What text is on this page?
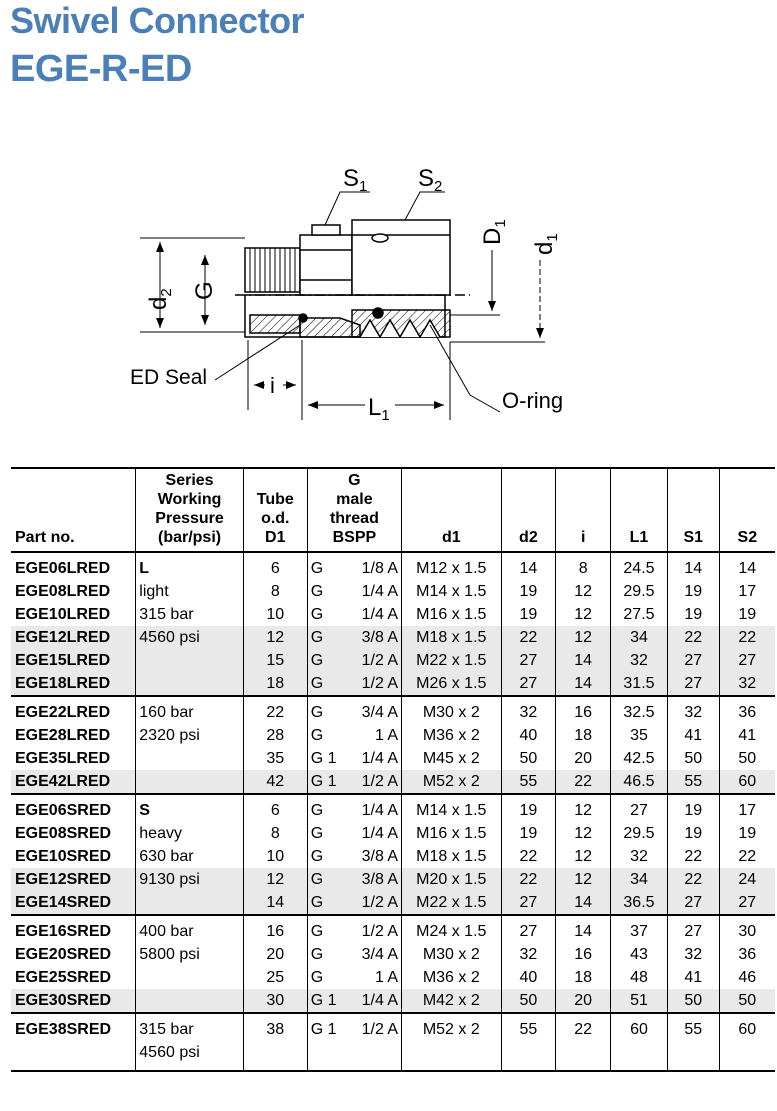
Swivel Connector
EGE-R-ED
$S_1$ $S_2$
$D_1$
$d_1$
$d_2$ G
ED Seal	i
$L_1$
O-ring
Part no.	Series
Working
Pressure
(bar/psi)	Tube
o.d.
D1	G
male
thread
BSPP	d1	d2	i	L1	S1	S2
EGE06LRED	L	6	G 1/8 A	M12 x 1.5	14	8	24.5	14	14
EGE08LRED	light	8	G 1/4 A	M14 x 1.5	19	12	29.5	19	17
EGE10LRED	315 bar	10	G 1/4 A	M16 x 1.5	19	12	27.5	19	19
EGE12LRED	4560 psi	12	G 3/8 A	M18 x 1.5	22	12	34	22	22
EGE15LRED		15	G 1/2 A	M22 x 1.5	27	14	32	27	27
EGE18LRED		18	G 1/2 A	M26 x 1.5	27	14	31.5	27	32
EGE22LRED	160 bar	22	G 3/4 A	M30 x 2	32	16	32.5	32	36
EGE28LRED	2320 psi	28	G 1 A	M36 x 2	40	18	35	41	41
EGE35LRED		35	G 1 1/4 A	M45 x 2	50	20	42.5	50	50
EGE42LRED		42	G 1 1/2 A	M52 x 2	55	22	46.5	55	60
EGE06SRED	S	6	G 1/4 A	M14 x 1.5	19	12	27	19	17
EGE08SRED	heavy	8	G 1/4 A	M16 x 1.5	19	12	29.5	19	19
EGE10SRED	630 bar	10	G 3/8 A	M18 x 1.5	22	12	32	22	22
EGE12SRED	9130 psi	12	G 3/8 A	M20 x 1.5	22	12	34	22	24
EGE14SRED		14	G 1/2 A	M22 x 1.5	27	14	36.5	27	27
EGE16SRED	400 bar	16	G 1/2 A	M24 x 1.5	27	14	37	27	30
EGE20SRED	5800 psi	20	G 3/4 A	M30 x 2	32	16	43	32	36
EGE25SRED		25	G 1 A	M36 x 2	40	18	48	41	46
EGE30SRED		30	G 1 1/4 A	M42 x 2	50	20	51	50	50
EGE38SRED	315 bar
4560 psi	38	G 1 1/2 A	M52 x 2	55	22	60	55	60
